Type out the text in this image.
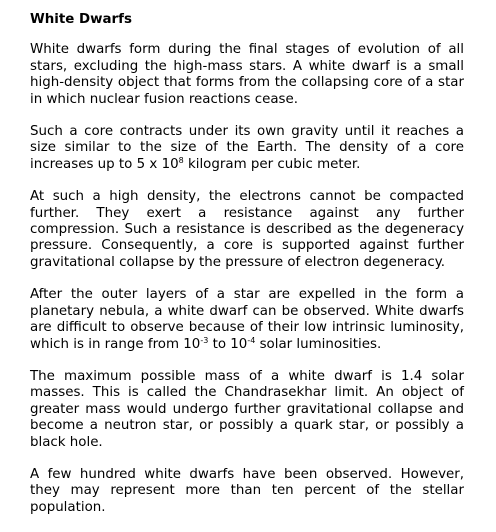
White Dwarfs

White dwarfs form during the final stages of evolution of all stars, excluding the high-mass stars. A white dwarf is a small high-density object that forms from the collapsing core of a star in which nuclear fusion reactions cease.

Such a core contracts under its own gravity until it reaches a size similar to the size of the Earth. The density of a core increases up to 5 x $10^8$ kilogram per cubic meter.

At such a high density, the electrons cannot be compacted further. They exert a resistance against any further compression. Such a resistance is described as the degeneracy pressure. Consequently, a core is supported against further gravitational collapse by the pressure of electron degeneracy.

After the outer layers of a star are expelled in the form a planetary nebula, a white dwarf can be observed. White dwarfs are difficult to observe because of their low intrinsic luminosity, which is in range from $10^{-3}$ to $10^{-4}$ solar luminosities.

The maximum possible mass of a white dwarf is 1.4 solar masses. This is called the Chandrasekhar limit. An object of greater mass would undergo further gravitational collapse and become a neutron star, or possibly a quark star, or possibly a black hole.

A few hundred white dwarfs have been observed. However, they may represent more than ten percent of the stellar population.
